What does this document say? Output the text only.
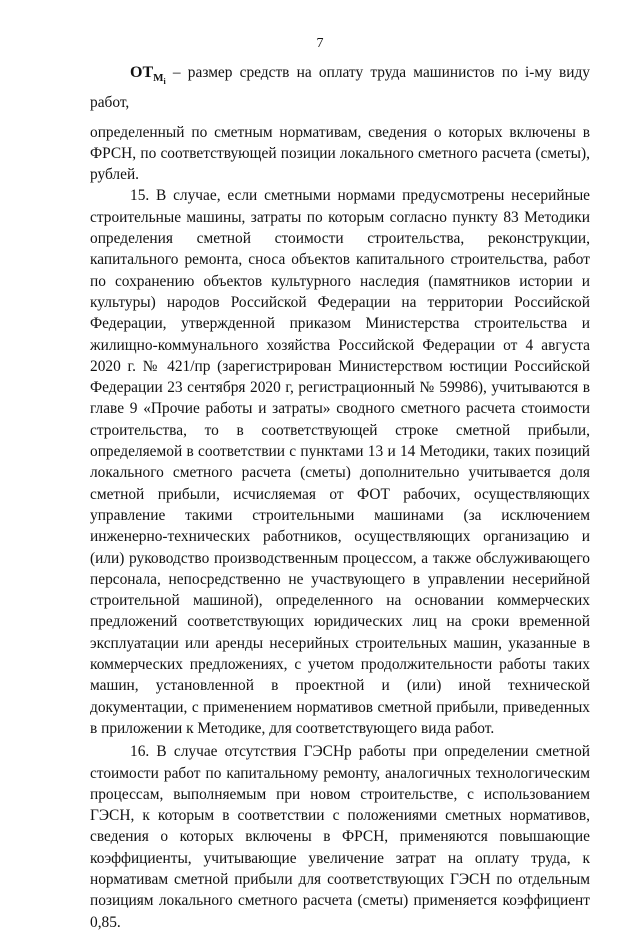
7

$ОТ_{М_i}$ – размер средств на оплату труда машинистов по i-му виду работ,

определенный по сметным нормативам, сведения о которых включены в ФРСН, по соответствующей позиции локального сметного расчета (сметы), рублей.

15. В случае, если сметными нормами предусмотрены несерийные строительные машины, затраты по которым согласно пункту 83 Методики определения сметной стоимости строительства, реконструкции, капитального ремонта, сноса объектов капитального строительства, работ по сохранению объектов культурного наследия (памятников истории и культуры) народов Российской Федерации на территории Российской Федерации, утвержденной приказом Министерства строительства и жилищно-коммунального хозяйства Российской Федерации от 4 августа 2020 г. № 421/пр (зарегистрирован Министерством юстиции Российской Федерации 23 сентября 2020 г, регистрационный № 59986), учитываются в главе 9 «Прочие работы и затраты» сводного сметного расчета стоимости строительства, то в соответствующей строке сметной прибыли, определяемой в соответствии с пунктами 13 и 14 Методики, таких позиций локального сметного расчета (сметы) дополнительно учитывается доля сметной прибыли, исчисляемая от ФОТ рабочих, осуществляющих управление такими строительными машинами (за исключением инженерно-технических работников, осуществляющих организацию и (или) руководство производственным процессом, а также обслуживающего персонала, непосредственно не участвующего в управлении несерийной строительной машиной), определенного на основании коммерческих предложений соответствующих юридических лиц на сроки временной эксплуатации или аренды несерийных строительных машин, указанные в коммерческих предложениях, с учетом продолжительности работы таких машин, установленной в проектной и (или) иной технической документации, с применением нормативов сметной прибыли, приведенных в приложении к Методике, для соответствующего вида работ.

16. В случае отсутствия ГЭСНр работы при определении сметной стоимости работ по капитальному ремонту, аналогичных технологическим процессам, выполняемым при новом строительстве, с использованием ГЭСН, к которым в соответствии с положениями сметных нормативов, сведения о которых включены в ФРСН, применяются повышающие коэффициенты, учитывающие увеличение затрат на оплату труда, к нормативам сметной прибыли для соответствующих ГЭСН по отдельным позициям локального сметного расчета (сметы) применяется коэффициент 0,85.
